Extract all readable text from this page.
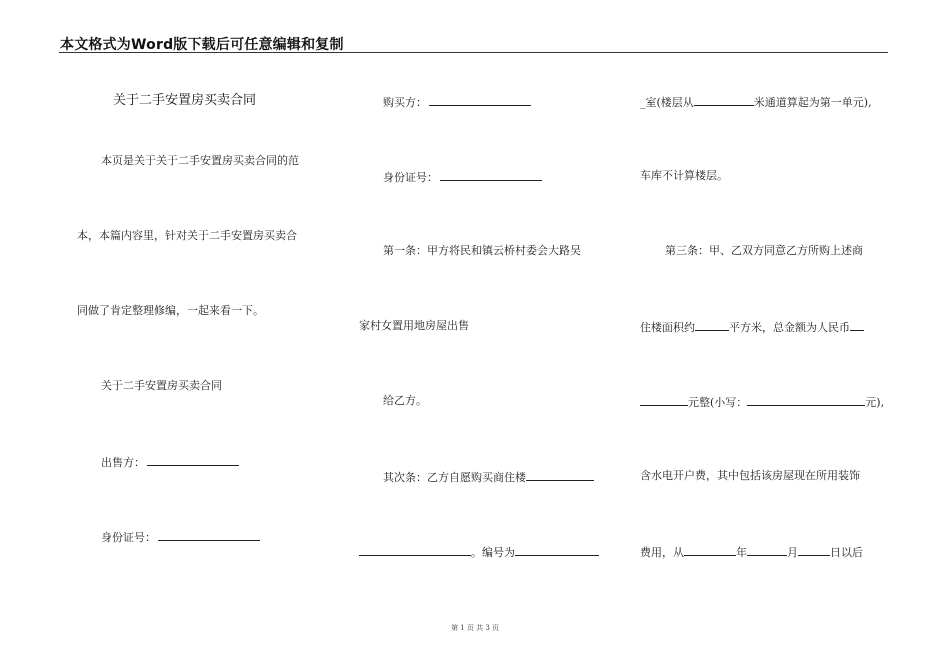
本文格式为Word版下载后可任意编辑和复制
关于二手安置房买卖合同
本页是关于关于二手安置房买卖合同的范
本，本篇内容里，针对关于二手安置房买卖合
同做了肯定整理修编，一起来看一下。
关于二手安置房买卖合同
出售方：
身份证号：
购买方：
身份证号：
第一条：甲方将民和镇云桥村委会大路吴
家村女置用地房屋出售
给乙方。
其次条：乙方自愿购买商住楼
。编号为
_室(楼层从	米通道算起为第一单元),
车库不计算楼层。
第三条：甲、乙双方同意乙方所购上述商
住楼面积约	平方米，总金额为人民币
元整(小写：	元),
含水电开户费，其中包括该房屋现在所用装饰
费用，从	年	月	日以后
第 1 页 共 3 页
